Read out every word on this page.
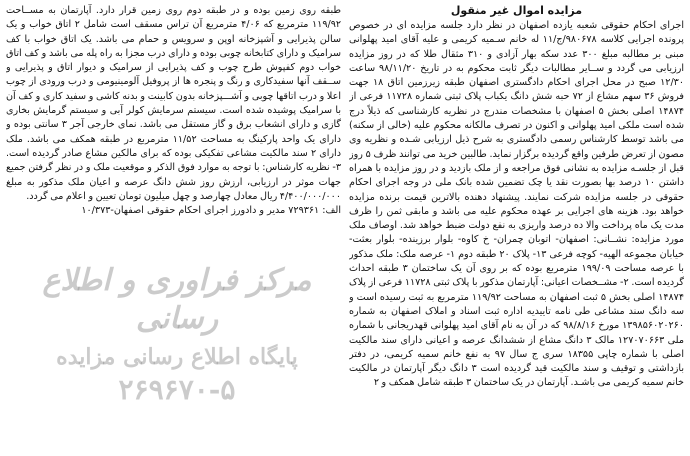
مزایده اموال غیر منقول

اجرای احکام حقوقی شعبه یازده اصفهان در نظر دارد جلسه مزایده ای در خصوص پرونده اجرایی کلاسه ۹۸۰۶۷۸/ج/۱۱ له خانم سـمیه کریمی و علیه آقای امید پهلوانی مبنی بر مطالبه مبلغ ۳۰۰ عدد سکه بهار آزادی و ۳۱۰ مثقال طلا که در روز مزایده ارزیابی می گردد و ســایر مطالبات دیگر ثابت محکوم به در تاریخ ۹۸/۱۱/۲۰ ساعت ۱۲/۳۰ صبح در محل اجرای احکام دادگستری اصفهان طبقه زیرزمین اتاق ۱۸ جهت فروش ۳۶ سهم مشاع از ۷۲ حبه شش دانگ یکباب پلاک ثبتی شماره ۱۱۷۲۸ فرعی از ۱۴۸۷۴ اصلی بخش ۵ اصفهان با مشخصات مندرج در نظریه کارشناسی که ذیلاً درج شده است ملکی امید پهلوانی و اکنون در تصرف مالکانه محکوم علیه (خالی از سکنه) می باشد توسط کارشناس رسمی دادگستری به شرح ذیل ارزیابی شـده و نظریه وی مصون از تعرض طرفین واقع گردیده برگزار نماید. طالبین خرید می توانند ظرف ۵ روز قبل از جلسـه مزایده به نشانی فوق مراجعه و از ملک بازدید و در روز مزایده با همراه داشتن ۱۰ درصد بها بصورت نقد یا چک تضمین شده بانک ملی در وجه اجرای احکام حقوقی در جلسه مزایده شرکت نمایند. پیشنهاد دهنده بالاترین قیمت برنده مزایده خواهد بود. هزینه های اجرایی بر عهده محکوم علیه می باشد و مابقی ثمن را ظرف مدت یک ماه پرداخت والا ده درصد واریزی به نفع دولت ضبط خواهد شد. اوصاف ملک مورد مزایده: نشــانی: اصفهان- اتوبان چمران- خ کاوه- بلوار برزینده- بلوار بعثت- خیابان مجموعه الهیه- کوچه فرعی ۱۳- پلاک ۲۰ طبقه دوم ۱- عرصه ملک: ملک مذکور با عرصه مساحت ۱۹۹/۰۹ مترمربع بوده که بر روی آن یک ساختمان ۳ طبقه احداث گردیده است. ۲- مشــخصات اعیانی: آپارتمان مذکور با پلاک ثبتی ۱۱۷۲۸ فرعی از پلاک ۱۴۸۷۴ اصلی بخش ۵ ثبت اصفهان به مساحت ۱۱۹/۹۲ مترمربع به ثبت رسیده است و سه دانگ سند مشاعی طی نامه تاییدیه اداره ثبت اسناد و املاک اصفهان به شماره ۱۳۹۸۵۶۰۲۰۲۶۰ مورخ ۹۸/۸/۱۶ که در آن به نام آقای امید پهلوانی قهدریجانی با شماره ملی ۱۲۷۰۷۰۶۶۳ مالک ۳ دانگ مشاع از ششدانگ عرصه و اعیانی دارای سند مالکیت اصلی با شماره چاپی ۱۸۳۵۵ سری ج سال ۹۷ به نفع خانم سمیه کریمی، در دفتر بازداشتی و توقیف و سند مالکیت قید گردیده است ۳ دانگ دیگر آپارتمان در مالکیت خانم سمیه کریمی می باشـد. آپارتمان در یک ساختمان ۳ طبقه شامل همکف و ۲

طبقه روی زمین بوده و در طبقه دوم روی زمین قرار دارد. آپارتمان به مســاحت ۱۱۹/۹۲ مترمربع که ۴/۰۶ مترمربع آن تراس مسقف است شامل ۲ اتاق خواب و یک سالن پذیرایی و آشپزخانه اوپن و سرویس و حمام می باشد. یک اتاق خواب با کف سرامیک و دارای کتابخانه چوبی بوده و دارای درب مجزا به راه پله می باشد و کف اتاق خواب دوم کفپوش طرح چوب و کف پذیرایی از سرامیک و دیوار اتاق و پذیرایی و ســقف آنها سفیدکاری و رنگ و پنجره ها از پروفیل آلومینیومی و درب ورودی از چوب اعلا و درب اتاقها چوبی و آشـــپزخانه بدون کابینت و بدنه کاشی و سفید کاری و کف آن با سرامیک پوشیده شده است. سیستم سرمایش کولر آبی و سیستم گرمایش بخاری گازی و دارای انشعاب برق و گاز مستقل می باشد. نمای خارجی آجر ۳ سانتی بوده و دارای یک واحد پارکینگ به مساحت ۱۱/۵۲ مترمربع در طبقه همکف می باشد. ملک دارای ۲ سند مالکیت مشاعی تفکیکی بوده که برای مالکین مشاع صادر گردیده است. ۳- نظریه کارشناس: با توجه به موارد فوق الذکر و موقعیت ملک و در نظر گرفتن جمیع جهات موثر در ارزیابی، ارزش روز شش دانگ عرصه و اعیان ملک مذکور به مبلغ ۴/۴۰۰/۰۰۰/۰۰۰ ریال معادل چهارصد و چهل میلیون تومان تعیین و اعلام می گردد.

الف: ۷۲۹۳۶۱ مدیر و دادورز اجرای احکام حقوقی اصفهان-۱۰/۳۷۳

مرکز فراوری و اطلاع رسانی
پایگاه اطلاع رسانی مزایده
۲۶۹۶۷۰-۵
